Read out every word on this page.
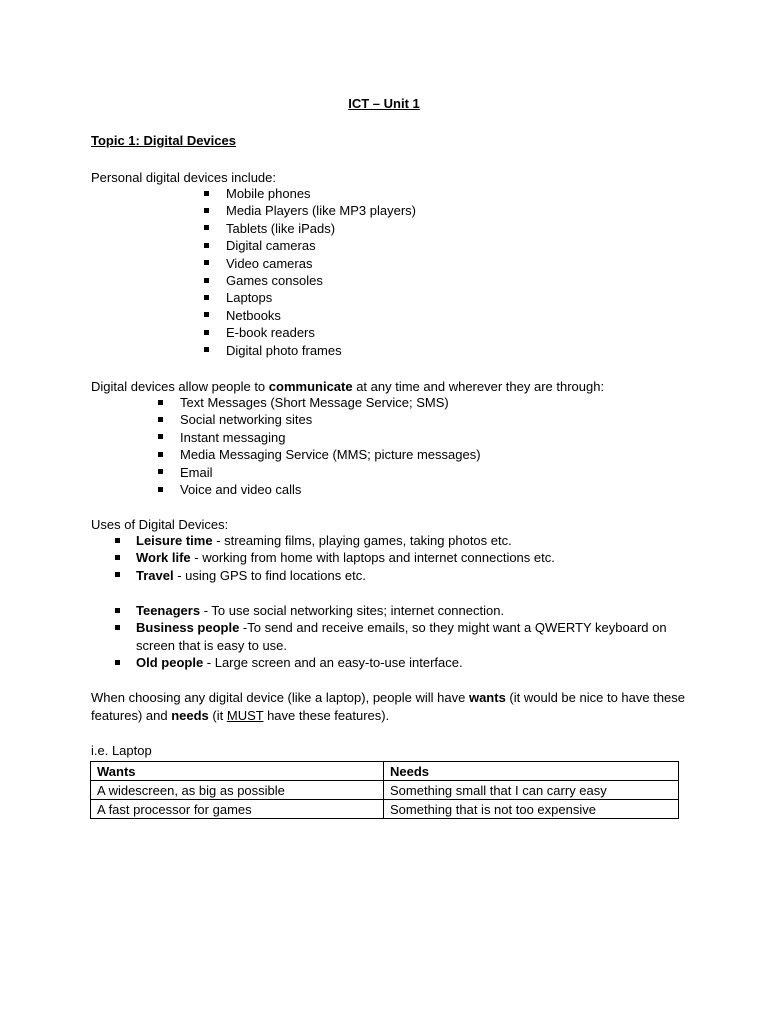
ICT – Unit 1
Topic 1: Digital Devices
Personal digital devices include:
Mobile phones
Media Players (like MP3 players)
Tablets (like iPads)
Digital cameras
Video cameras
Games consoles
Laptops
Netbooks
E-book readers
Digital photo frames
Digital devices allow people to communicate at any time and wherever they are through:
Text Messages (Short Message Service; SMS)
Social networking sites
Instant messaging
Media Messaging Service (MMS; picture messages)
Email
Voice and video calls
Uses of Digital Devices:
Leisure time - streaming films, playing games, taking photos etc.
Work life - working from home with laptops and internet connections etc.
Travel - using GPS to find locations etc.
Teenagers - To use social networking sites; internet connection.
Business people -To send and receive emails, so they might want a QWERTY keyboard on screen that is easy to use.
Old people - Large screen and an easy-to-use interface.
When choosing any digital device (like a laptop), people will have wants (it would be nice to have these features) and needs (it MUST have these features).
i.e. Laptop
Wants	Needs
A widescreen, as big as possible	Something small that I can carry easy
A fast processor for games	Something that is not too expensive
